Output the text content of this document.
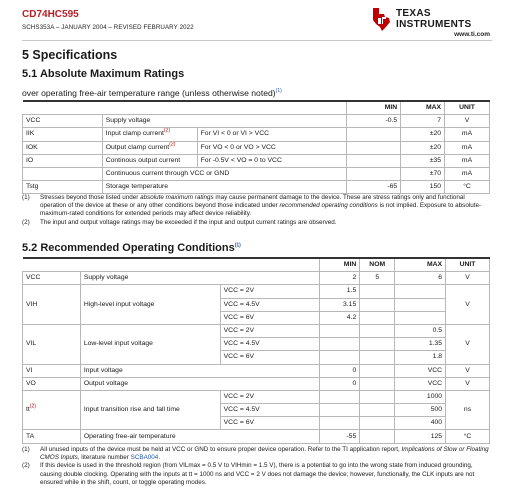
CD74HC595
SCHS353A – JANUARY 2004 – REVISED FEBRUARY 2022
TEXAS
INSTRUMENTS
www.ti.com
5 Specifications
5.1 Absolute Maximum Ratings
over operating free-air temperature range (unless otherwise noted)$^{(1)}$
			MIN	MAX	UNIT
VCC	Supply voltage		-0.5	7	V
IIK	Input clamp current$^{(2)}$	For VI < 0 or VI > VCC		±20	mA
IOK	Output clamp current$^{(2)}$	For VO < 0 or VO > VCC		±20	mA
IO	Continous output current	For -0.5V < VO = 0 to VCC		±35	mA
	Continuous current through VCC or GND			±70	mA
Tstg	Storage temperature		-65	150	°C
(1)	Stresses beyond those listed under absolute maximum ratings may cause permanent damage to the device. These are stress ratings only and functional operation of the device at these or any other conditions beyond those indicated under recommended operating conditions is not implied. Exposure to absolute-maximum-rated conditions for extended periods may affect device reliability.
(2)	The input and output voltage ratings may be exceeded if the input and output current ratings are observed.
5.2 Recommended Operating Conditions$^{(1)}$
			MIN	NOM	MAX	UNIT
VCC	Supply voltage		2	5	6	V
VIH	High-level input voltage	VCC = 2V	1.5			V
		VCC = 4.5V	3.15			
		VCC = 6V	4.2			
VIL	Low-level input voltage	VCC = 2V			0.5	V
		VCC = 4.5V			1.35	
		VCC = 6V			1.8	
VI	Input voltage		0		VCC	V
VO	Output voltage		0		VCC	V
$tt^{(2)}$	Input transition rise and fall time	VCC = 2V			1000	ns
		VCC = 4.5V			500	
		VCC = 6V			400	
TA	Operating free-air temperature		-55		125	°C
(1)	All unused inputs of the device must be held at VCC or GND to ensure proper device operation. Refer to the TI application report, Implications of Slow or Floating CMOS Inputs, literature number SCBA004.
(2)	If this device is used in the threshold region (from VILmax = 0.5 V to VIHmin = 1.5 V), there is a potential to go into the wrong state from induced grounding, causing double clocking. Operating with the inputs at tt = 1000 ns and VCC = 2 V does not damage the device; however, functionally, the CLK inputs are not ensured while in the shift, count, or toggle operating modes.
